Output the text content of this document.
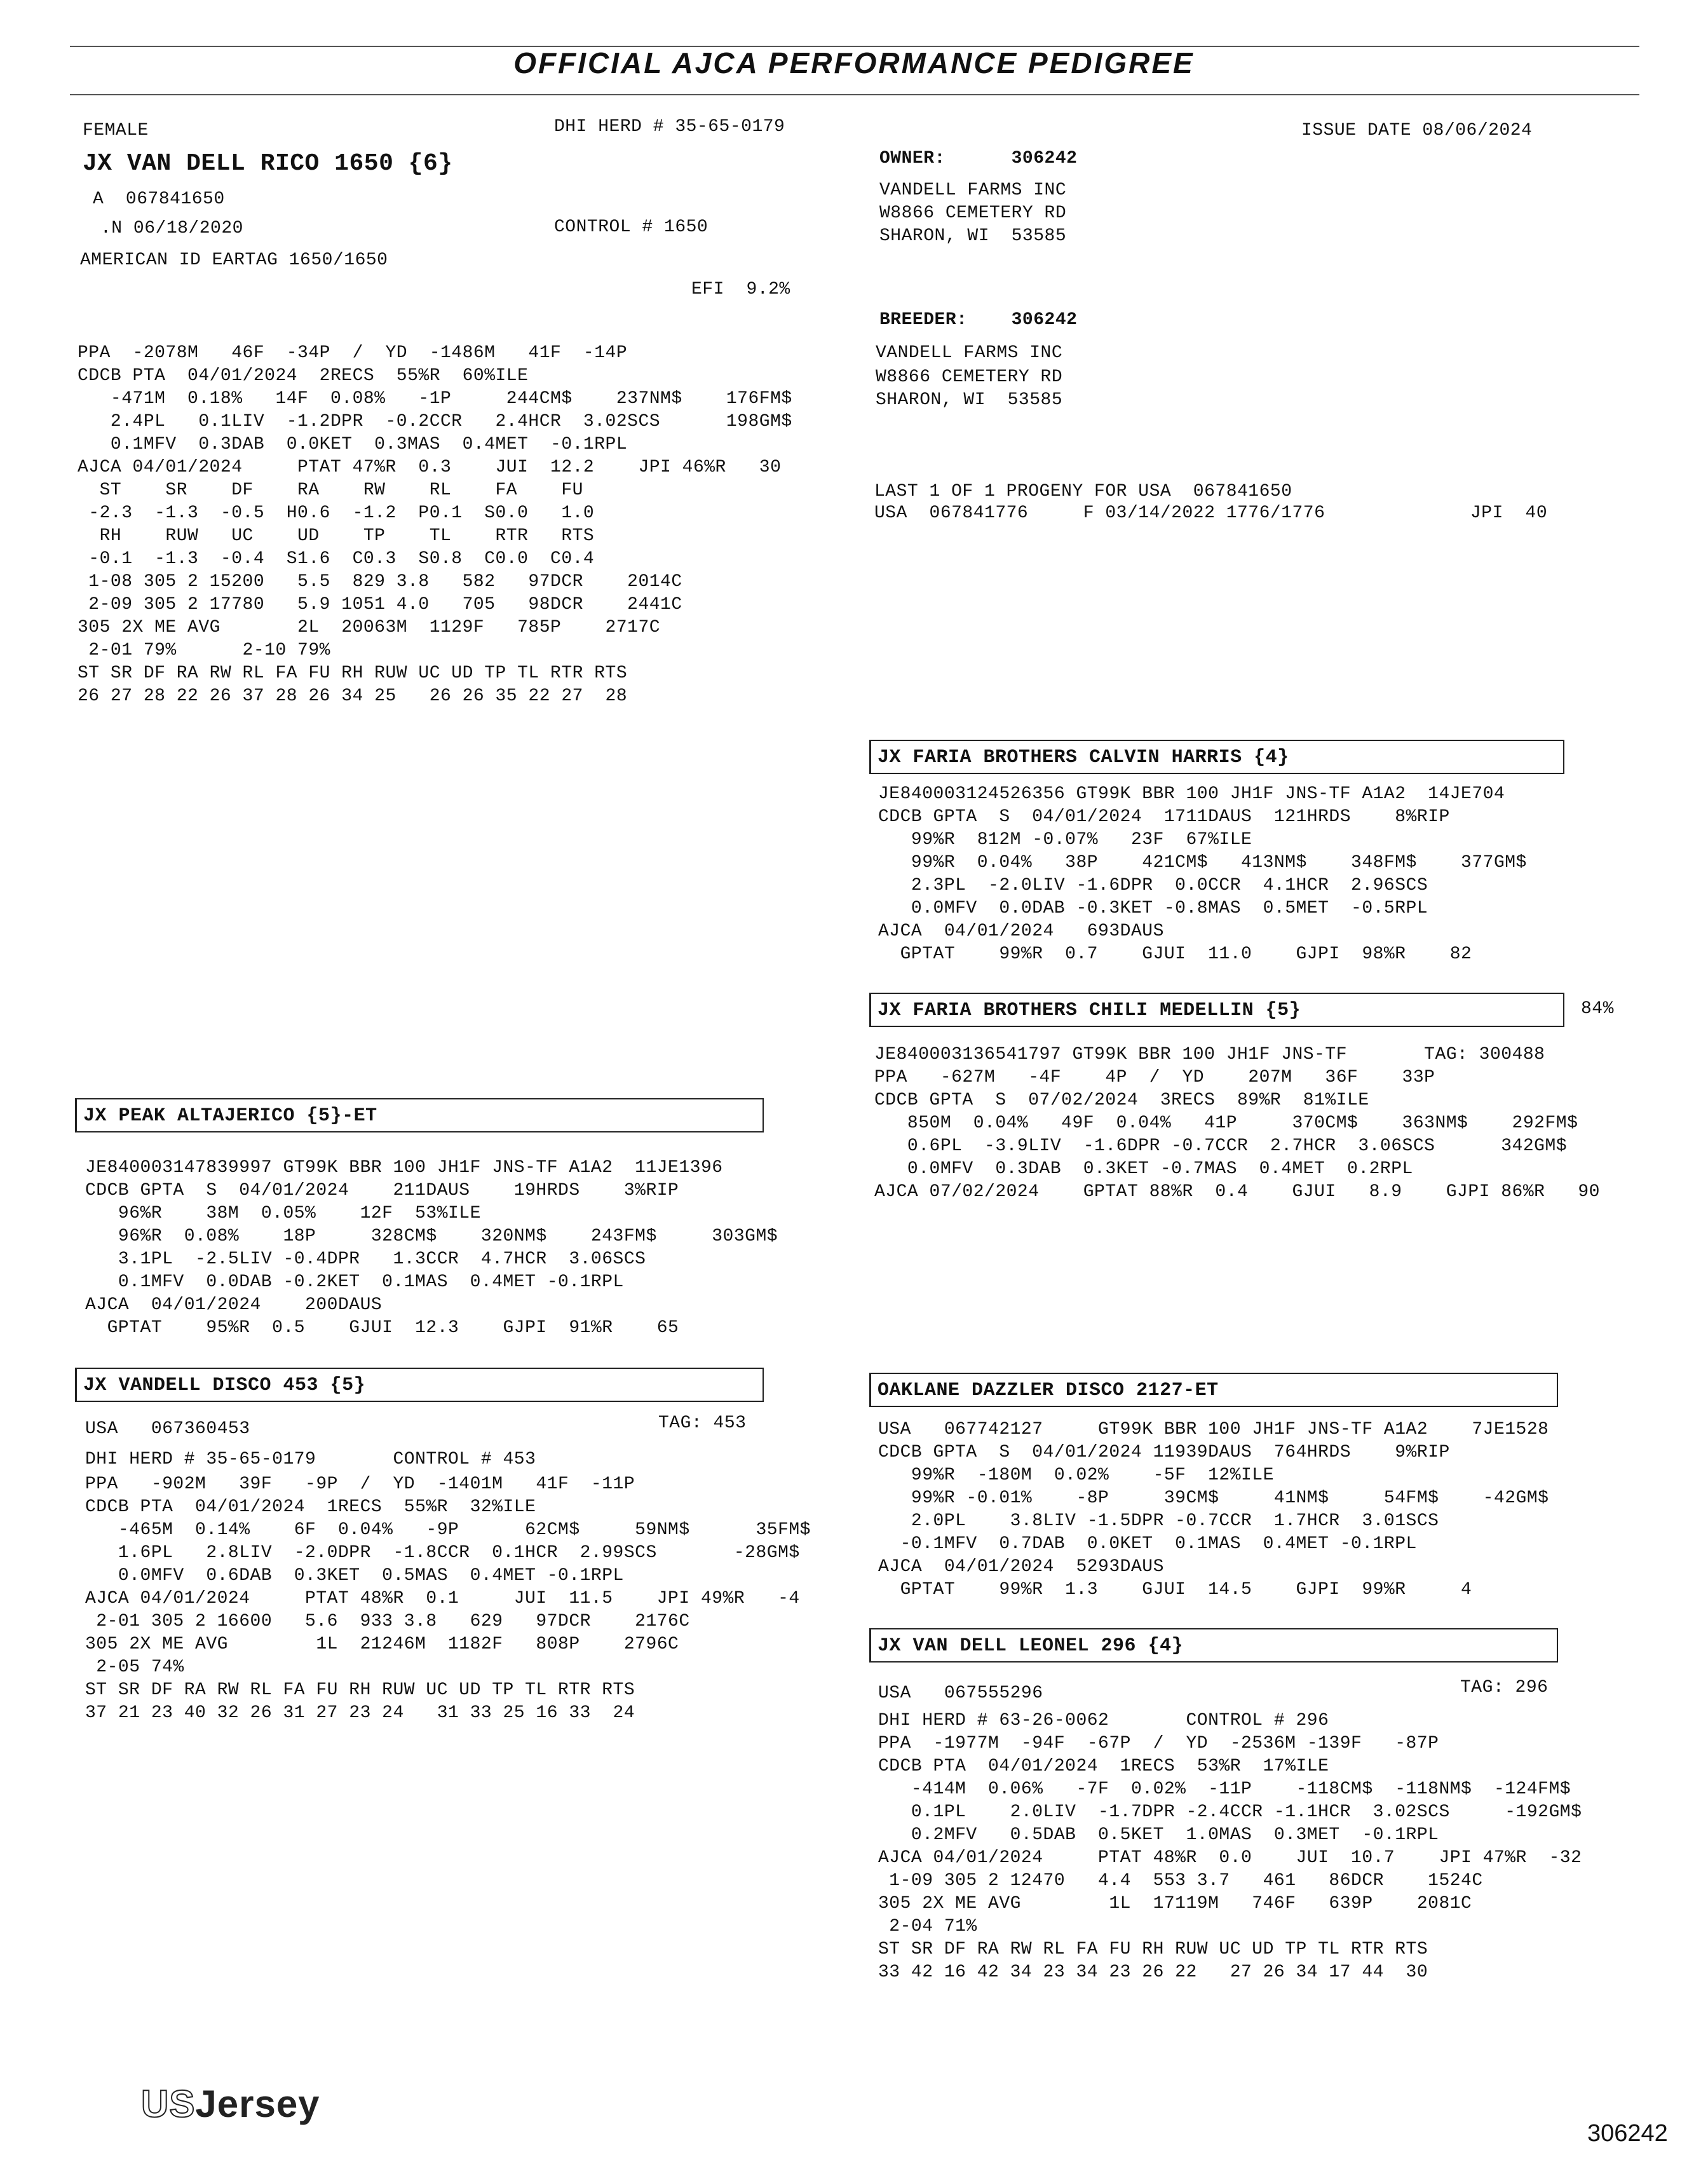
OFFICIAL AJCA PERFORMANCE PEDIGREE
FEMALE	DHI HERD # 35-65-0179
JX VAN DELL RICO 1650 {6}
A  067841650
.N 06/18/2020	CONTROL # 1650
AMERICAN ID EARTAG 1650/1650
EFI  9.2%
PPA  -2078M   46F  -34P  /  YD  -1486M   41F  -14P
CDCB PTA  04/01/2024  2RECS  55%R  60%ILE
-471M  0.18%   14F  0.08%   -1P     244CM$    237NM$    176FM$
2.4PL   0.1LIV  -1.2DPR  -0.2CCR   2.4HCR  3.02SCS      198GM$
0.1MFV  0.3DAB  0.0KET  0.3MAS  0.4MET  -0.1RPL
AJCA 04/01/2024     PTAT 47%R  0.3    JUI  12.2    JPI 46%R   30
ST    SR    DF    RA    RW    RL    FA    FU
-2.3  -1.3  -0.5  H0.6  -1.2  P0.1  S0.0   1.0
RH    RUW   UC    UD    TP    TL    RTR   RTS
-0.1  -1.3  -0.4  S1.6  C0.3  S0.8  C0.0  C0.4
1-08 305 2 15200   5.5  829 3.8   582   97DCR    2014C
2-09 305 2 17780   5.9 1051 4.0   705   98DCR    2441C
305 2X ME AVG       2L  20063M  1129F   785P    2717C
2-01 79%      2-10 79%
ST SR DF RA RW RL FA FU RH RUW UC UD TP TL RTR RTS
26 27 28 22 26 37 28 26 34 25   26 26 35 22 27  28
ISSUE DATE 08/06/2024
OWNER:      306242
VANDELL FARMS INC
W8866 CEMETERY RD
SHARON, WI  53585
BREEDER:    306242
VANDELL FARMS INC
W8866 CEMETERY RD
SHARON, WI  53585
LAST 1 OF 1 PROGENY FOR USA  067841650
USA  067841776     F 03/14/2022 1776/1776	JPI  40
JX FARIA BROTHERS CALVIN HARRIS {4}
JE840003124526356 GT99K BBR 100 JH1F JNS-TF A1A2  14JE704
CDCB GPTA  S  04/01/2024  1711DAUS  121HRDS    8%RIP
99%R  812M -0.07%   23F  67%ILE
99%R  0.04%   38P    421CM$   413NM$    348FM$    377GM$
2.3PL  -2.0LIV -1.6DPR  0.0CCR  4.1HCR  2.96SCS
0.0MFV  0.0DAB -0.3KET -0.8MAS  0.5MET  -0.5RPL
AJCA  04/01/2024   693DAUS
GPTAT    99%R  0.7    GJUI  11.0    GJPI  98%R    82
JX FARIA BROTHERS CHILI MEDELLIN {5}	84%
JE840003136541797 GT99K BBR 100 JH1F JNS-TF       TAG: 300488
PPA   -627M   -4F    4P  /  YD    207M   36F    33P
CDCB GPTA  S  07/02/2024  3RECS  89%R  81%ILE
850M  0.04%   49F  0.04%   41P     370CM$    363NM$    292FM$
0.6PL  -3.9LIV  -1.6DPR -0.7CCR  2.7HCR  3.06SCS      342GM$
0.0MFV  0.3DAB  0.3KET -0.7MAS  0.4MET  0.2RPL
AJCA 07/02/2024    GPTAT 88%R  0.4    GJUI   8.9    GJPI 86%R   90
JX PEAK ALTAJERICO {5}-ET
JE840003147839997 GT99K BBR 100 JH1F JNS-TF A1A2  11JE1396
CDCB GPTA  S  04/01/2024    211DAUS    19HRDS    3%RIP
96%R    38M  0.05%    12F  53%ILE
96%R  0.08%    18P     328CM$    320NM$    243FM$     303GM$
3.1PL  -2.5LIV -0.4DPR   1.3CCR  4.7HCR  3.06SCS
0.1MFV  0.0DAB -0.2KET  0.1MAS  0.4MET -0.1RPL
AJCA  04/01/2024    200DAUS
GPTAT    95%R  0.5    GJUI  12.3    GJPI  91%R    65
JX VANDELL DISCO 453 {5}
TAG: 453
USA   067360453
DHI HERD # 35-65-0179       CONTROL # 453
PPA   -902M   39F   -9P  /  YD  -1401M   41F  -11P
CDCB PTA  04/01/2024  1RECS  55%R  32%ILE
-465M  0.14%    6F  0.04%   -9P      62CM$     59NM$      35FM$
1.6PL   2.8LIV  -2.0DPR  -1.8CCR  0.1HCR  2.99SCS       -28GM$
0.0MFV  0.6DAB  0.3KET  0.5MAS  0.4MET -0.1RPL
AJCA 04/01/2024     PTAT 48%R  0.1     JUI  11.5    JPI 49%R   -4
2-01 305 2 16600   5.6  933 3.8   629   97DCR    2176C
305 2X ME AVG        1L  21246M  1182F   808P    2796C
2-05 74%
ST SR DF RA RW RL FA FU RH RUW UC UD TP TL RTR RTS
37 21 23 40 32 26 31 27 23 24   31 33 25 16 33  24
OAKLANE DAZZLER DISCO 2127-ET
USA   067742127     GT99K BBR 100 JH1F JNS-TF A1A2    7JE1528
CDCB GPTA  S  04/01/2024 11939DAUS  764HRDS    9%RIP
99%R  -180M  0.02%    -5F  12%ILE
99%R -0.01%    -8P     39CM$     41NM$     54FM$    -42GM$
2.0PL    3.8LIV -1.5DPR -0.7CCR  1.7HCR  3.01SCS
-0.1MFV  0.7DAB  0.0KET  0.1MAS  0.4MET -0.1RPL
AJCA  04/01/2024  5293DAUS
GPTAT    99%R  1.3    GJUI  14.5    GJPI  99%R     4
JX VAN DELL LEONEL 296 {4}
TAG: 296
USA   067555296
DHI HERD # 63-26-0062       CONTROL # 296
PPA  -1977M  -94F  -67P  /  YD  -2536M -139F   -87P
CDCB PTA  04/01/2024  1RECS  53%R  17%ILE
-414M  0.06%   -7F  0.02%  -11P    -118CM$  -118NM$  -124FM$
0.1PL    2.0LIV  -1.7DPR -2.4CCR -1.1HCR  3.02SCS     -192GM$
0.2MFV   0.5DAB  0.5KET  1.0MAS  0.3MET  -0.1RPL
AJCA 04/01/2024     PTAT 48%R  0.0    JUI  10.7    JPI 47%R  -32
1-09 305 2 12470   4.4  553 3.7   461   86DCR    1524C
305 2X ME AVG        1L  17119M   746F   639P    2081C
2-04 71%
ST SR DF RA RW RL FA FU RH RUW UC UD TP TL RTR RTS
33 42 16 42 34 23 34 23 26 22   27 26 34 17 44  30
USJersey
306242
